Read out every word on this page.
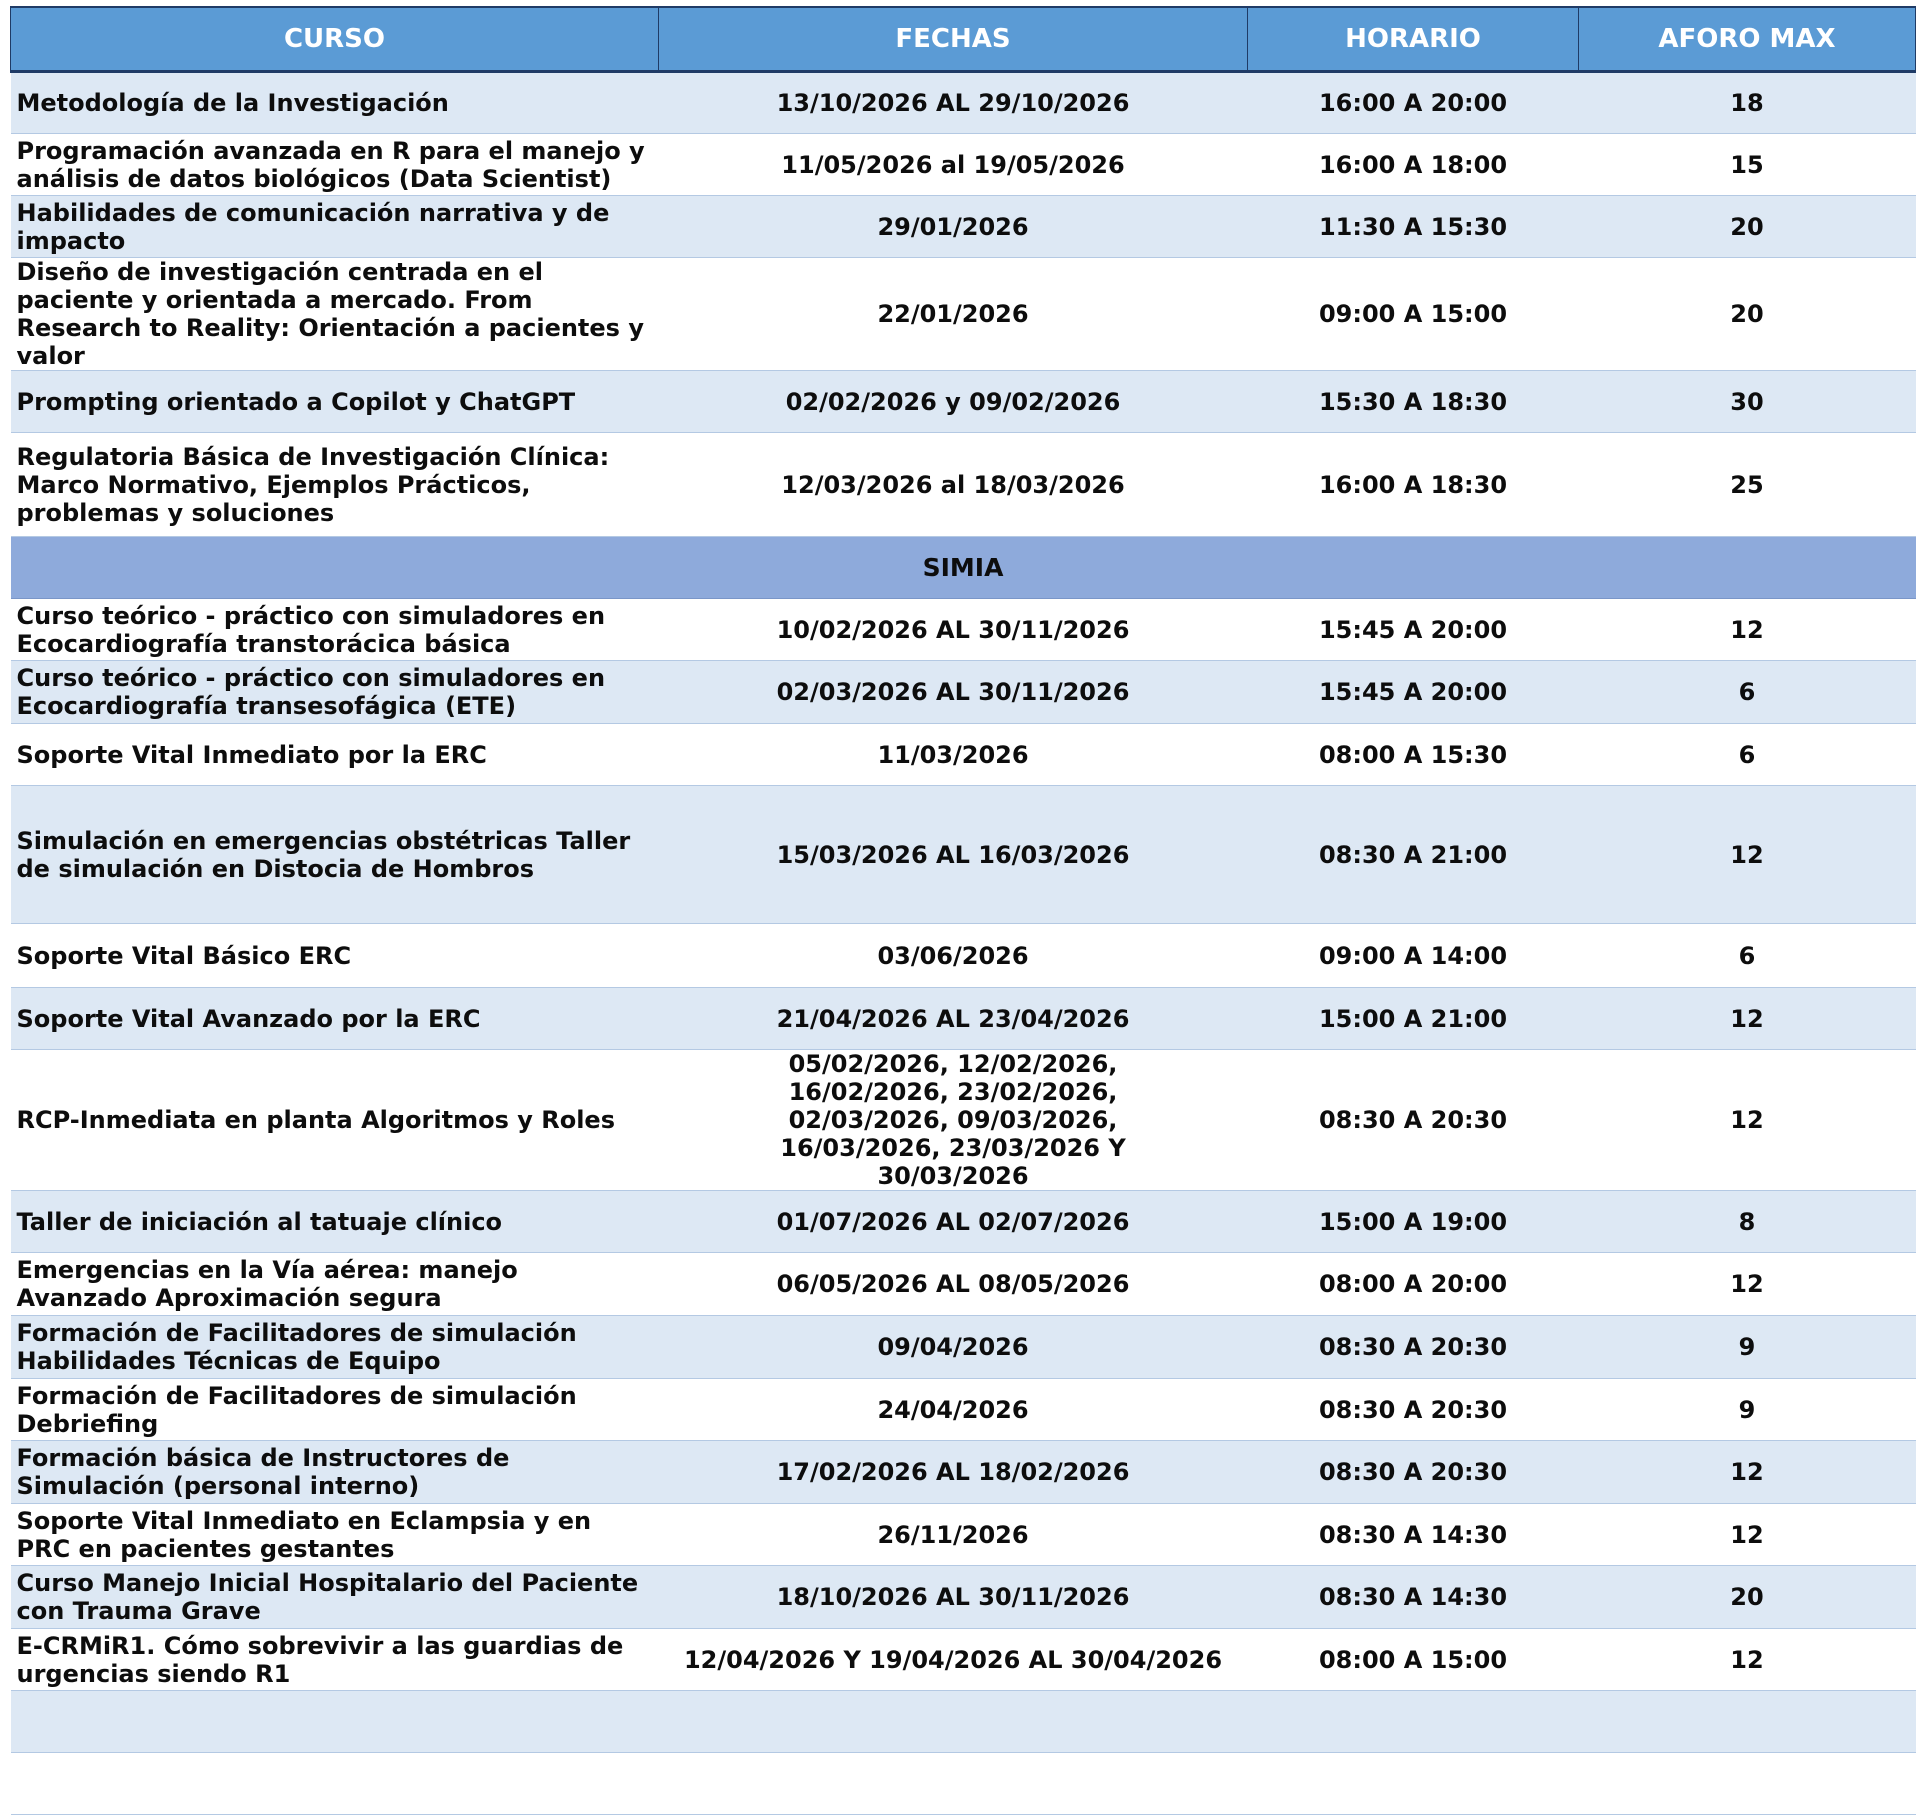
CURSO	FECHAS	HORARIO	AFORO MAX
Metodología de la Investigación	13/10/2026 AL 29/10/2026	16:00 A 20:00	18
Programación avanzada en R para el manejo y análisis de datos biológicos (Data Scientist)	11/05/2026 al 19/05/2026	16:00 A 18:00	15
Habilidades de comunicación narrativa y de impacto	29/01/2026	11:30 A 15:30	20
Diseño de investigación centrada en el paciente y orientada a mercado. From Research to Reality: Orientación a pacientes y valor	22/01/2026	09:00 A 15:00	20
Prompting orientado a Copilot y ChatGPT	02/02/2026 y 09/02/2026	15:30 A 18:30	30
Regulatoria Básica de Investigación Clínica: Marco Normativo, Ejemplos Prácticos, problemas y soluciones	12/03/2026 al 18/03/2026	16:00 A 18:30	25
SIMIA			
Curso teórico - práctico con simuladores en Ecocardiografía transtorácica básica	10/02/2026 AL 30/11/2026	15:45 A 20:00	12
Curso teórico - práctico con simuladores en Ecocardiografía transesofágica (ETE)	02/03/2026 AL 30/11/2026	15:45 A 20:00	6
Soporte Vital Inmediato por la ERC	11/03/2026	08:00 A 15:30	6
Simulación en emergencias obstétricas Taller de simulación en Distocia de Hombros	15/03/2026 AL 16/03/2026	08:30 A 21:00	12
Soporte Vital Básico ERC	03/06/2026	09:00 A 14:00	6
Soporte Vital Avanzado por la ERC	21/04/2026 AL 23/04/2026	15:00 A 21:00	12
RCP-Inmediata en planta Algoritmos y Roles	05/02/2026, 12/02/2026, 16/02/2026, 23/02/2026, 02/03/2026, 09/03/2026, 16/03/2026, 23/03/2026 Y 30/03/2026	08:30 A 20:30	12
Taller de iniciación al tatuaje clínico	01/07/2026 AL 02/07/2026	15:00 A 19:00	8
Emergencias en la Vía aérea: manejo Avanzado Aproximación segura	06/05/2026 AL 08/05/2026	08:00 A 20:00	12
Formación de Facilitadores de simulación Habilidades Técnicas de Equipo	09/04/2026	08:30 A 20:30	9
Formación de Facilitadores de simulación Debriefing	24/04/2026	08:30 A 20:30	9
Formación básica de Instructores de Simulación (personal interno)	17/02/2026 AL 18/02/2026	08:30 A 20:30	12
Soporte Vital Inmediato en Eclampsia y en PRC en pacientes gestantes	26/11/2026	08:30 A 14:30	12
Curso Manejo Inicial Hospitalario del Paciente con Trauma Grave	18/10/2026 AL 30/11/2026	08:30 A 14:30	20
E-CRMiR1. Cómo sobrevivir a las guardias de urgencias siendo R1	12/04/2026 Y 19/04/2026 AL 30/04/2026	08:00 A 15:00	12
